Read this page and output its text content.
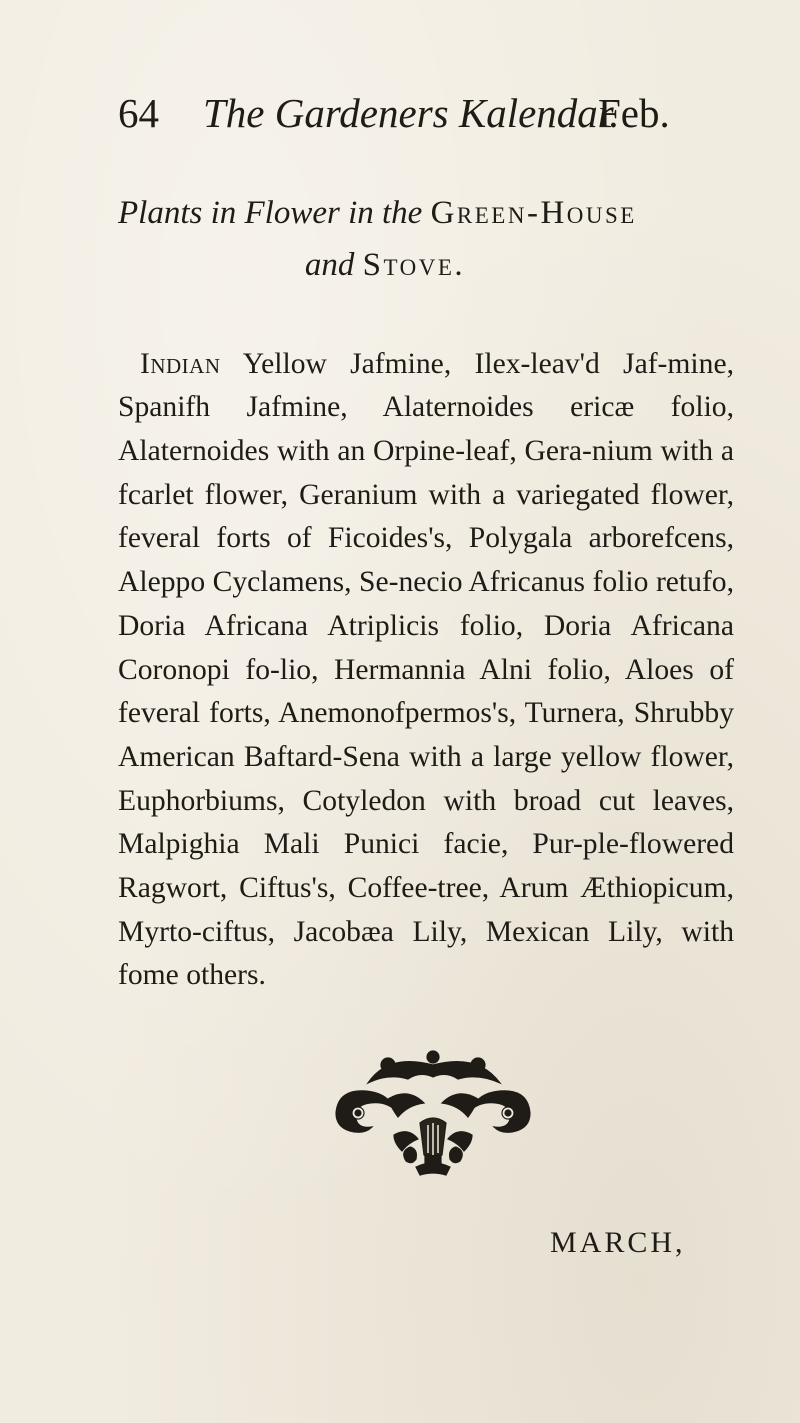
64 The Gardeners Kalendar.
Feb.
Plants in Flower in the Green-House
and Stove.

Indian Yellow Jafmine, Ilex-leav'd Jaf-mine, Spanifh Jafmine, Alaternoides ericæ folio, Alaternoides with an Orpine-leaf, Gera-nium with a fcarlet flower, Geranium with a variegated flower, feveral forts of Ficoides's, Polygala arborefcens, Aleppo Cyclamens, Se-necio Africanus folio retufo, Doria Africana Atriplicis folio, Doria Africana Coronopi fo-lio, Hermannia Alni folio, Aloes of feveral forts, Anemonofpermos's, Turnera, Shrubby American Baftard-Sena with a large yellow flower, Euphorbiums, Cotyledon with broad cut leaves, Malpighia Mali Punici facie, Pur-ple-flowered Ragwort, Ciftus's, Coffee-tree, Arum Æthiopicum, Myrto-ciftus, Jacobæa Lily, Mexican Lily, with fome others.

MARCH,
